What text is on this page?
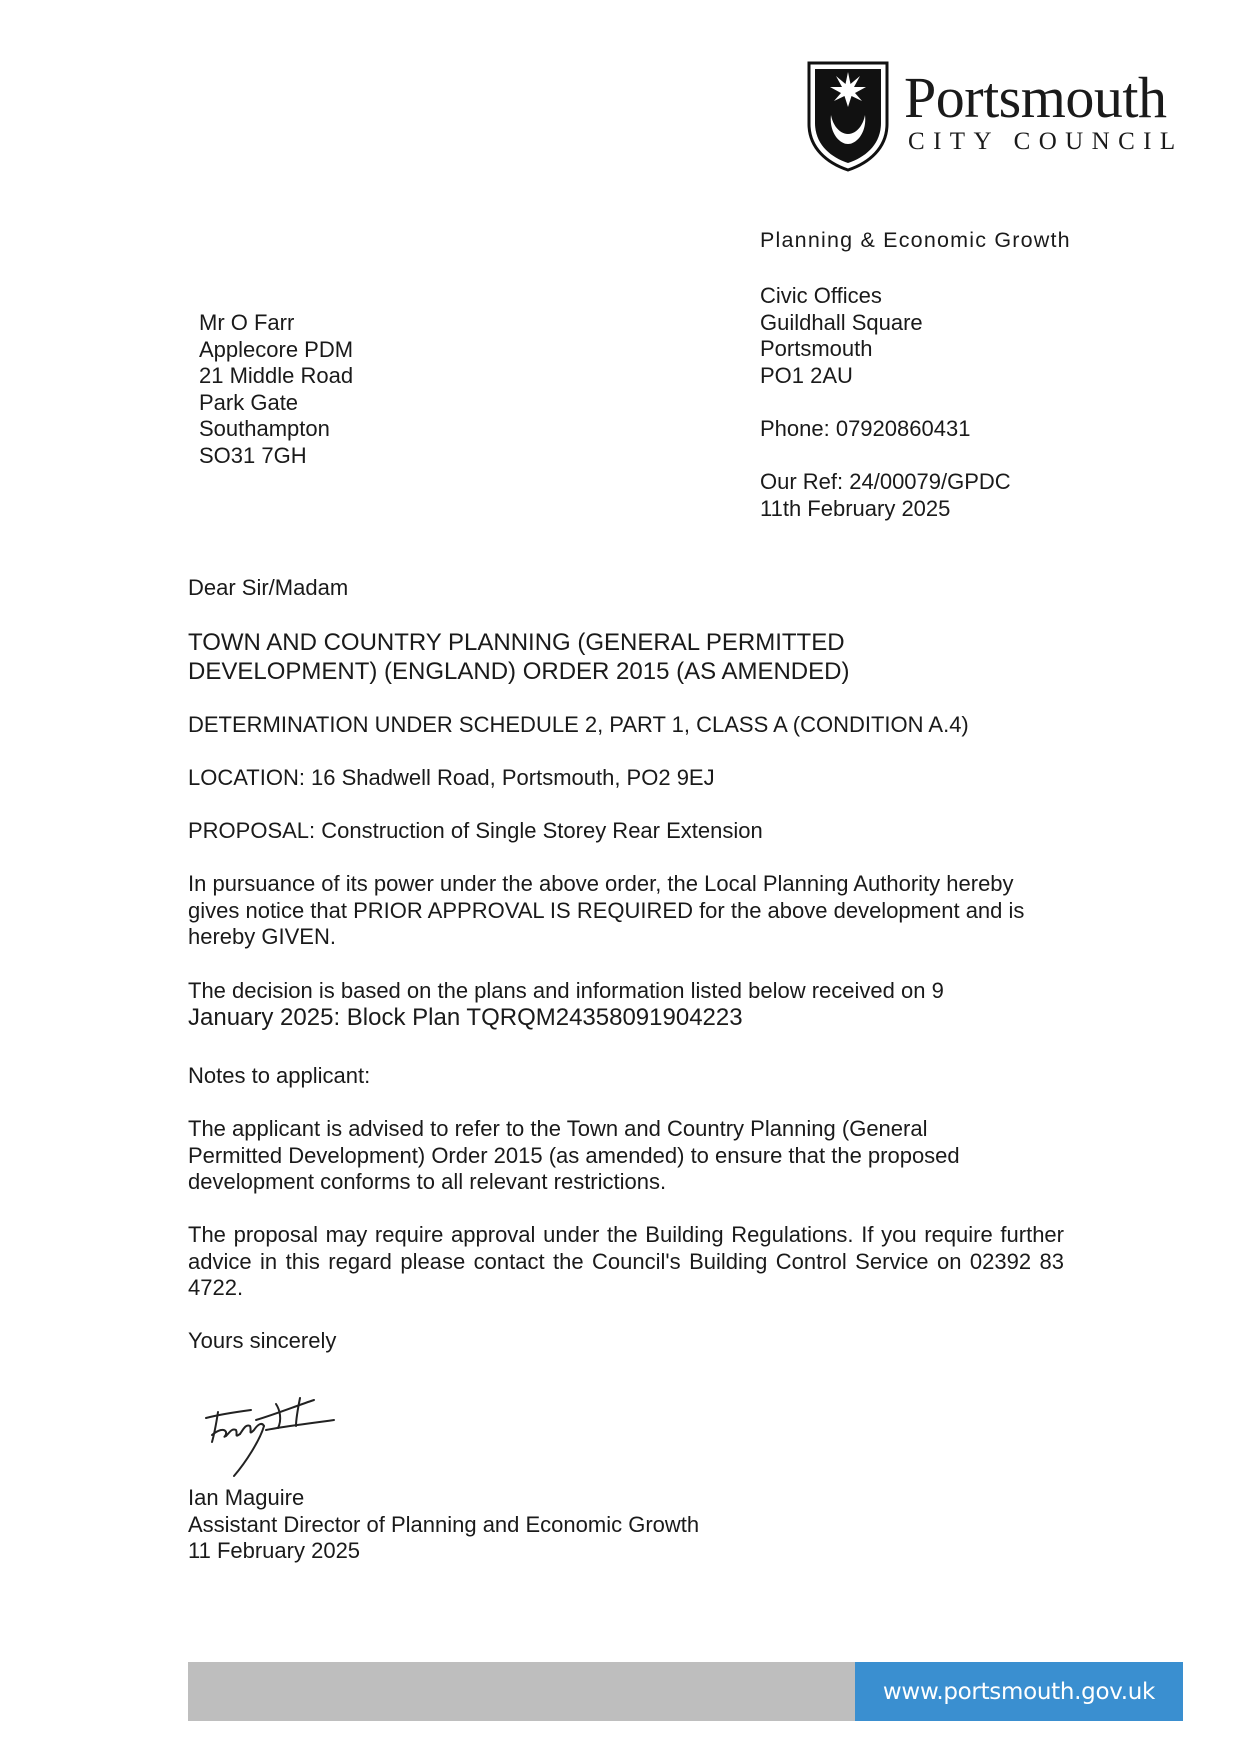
Portsmouth
CITY COUNCIL
Planning & Economic Growth
Civic Offices
Guildhall Square
Portsmouth
PO1 2AU
Phone: 07920860431
Our Ref: 24/00079/GPDC
11th February 2025
Mr O Farr
Applecore PDM
21 Middle Road
Park Gate
Southampton
SO31 7GH
Dear Sir/Madam
TOWN AND COUNTRY PLANNING (GENERAL PERMITTED DEVELOPMENT) (ENGLAND) ORDER 2015 (AS AMENDED)
DETERMINATION UNDER SCHEDULE 2, PART 1, CLASS A (CONDITION A.4)
LOCATION: 16 Shadwell Road, Portsmouth, PO2 9EJ
PROPOSAL: Construction of Single Storey Rear Extension
In pursuance of its power under the above order, the Local Planning Authority hereby gives notice that PRIOR APPROVAL IS REQUIRED for the above development and is hereby GIVEN.
The decision is based on the plans and information listed below received on 9
January 2025: Block Plan TQRQM24358091904223
Notes to applicant:
The applicant is advised to refer to the Town and Country Planning (General Permitted Development) Order 2015 (as amended) to ensure that the proposed development conforms to all relevant restrictions.
The proposal may require approval under the Building Regulations. If you require further advice in this regard please contact the Council's Building Control Service on 02392 83 4722.
Yours sincerely
Ian Maguire
Assistant Director of Planning and Economic Growth
11 February 2025
www.portsmouth.gov.uk
